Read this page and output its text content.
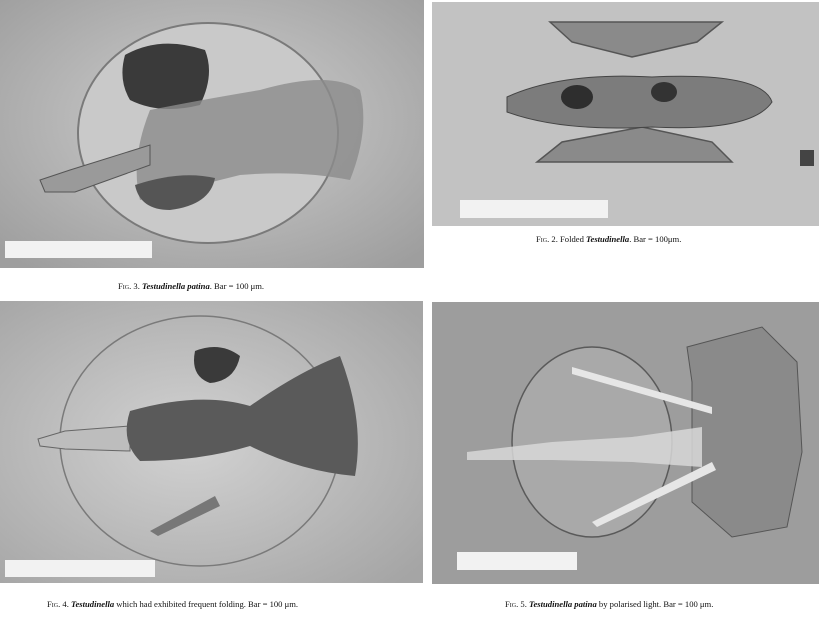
Fig. 3. Testudinella patina. Bar = 100 μm.
Fig. 2. Folded Testudinella. Bar = 100μm.
Fig. 4. Testudinella which had exhibited frequent folding. Bar = 100 μm.	Fig. 5. Testudinella patina by polarised light. Bar = 100 μm.
